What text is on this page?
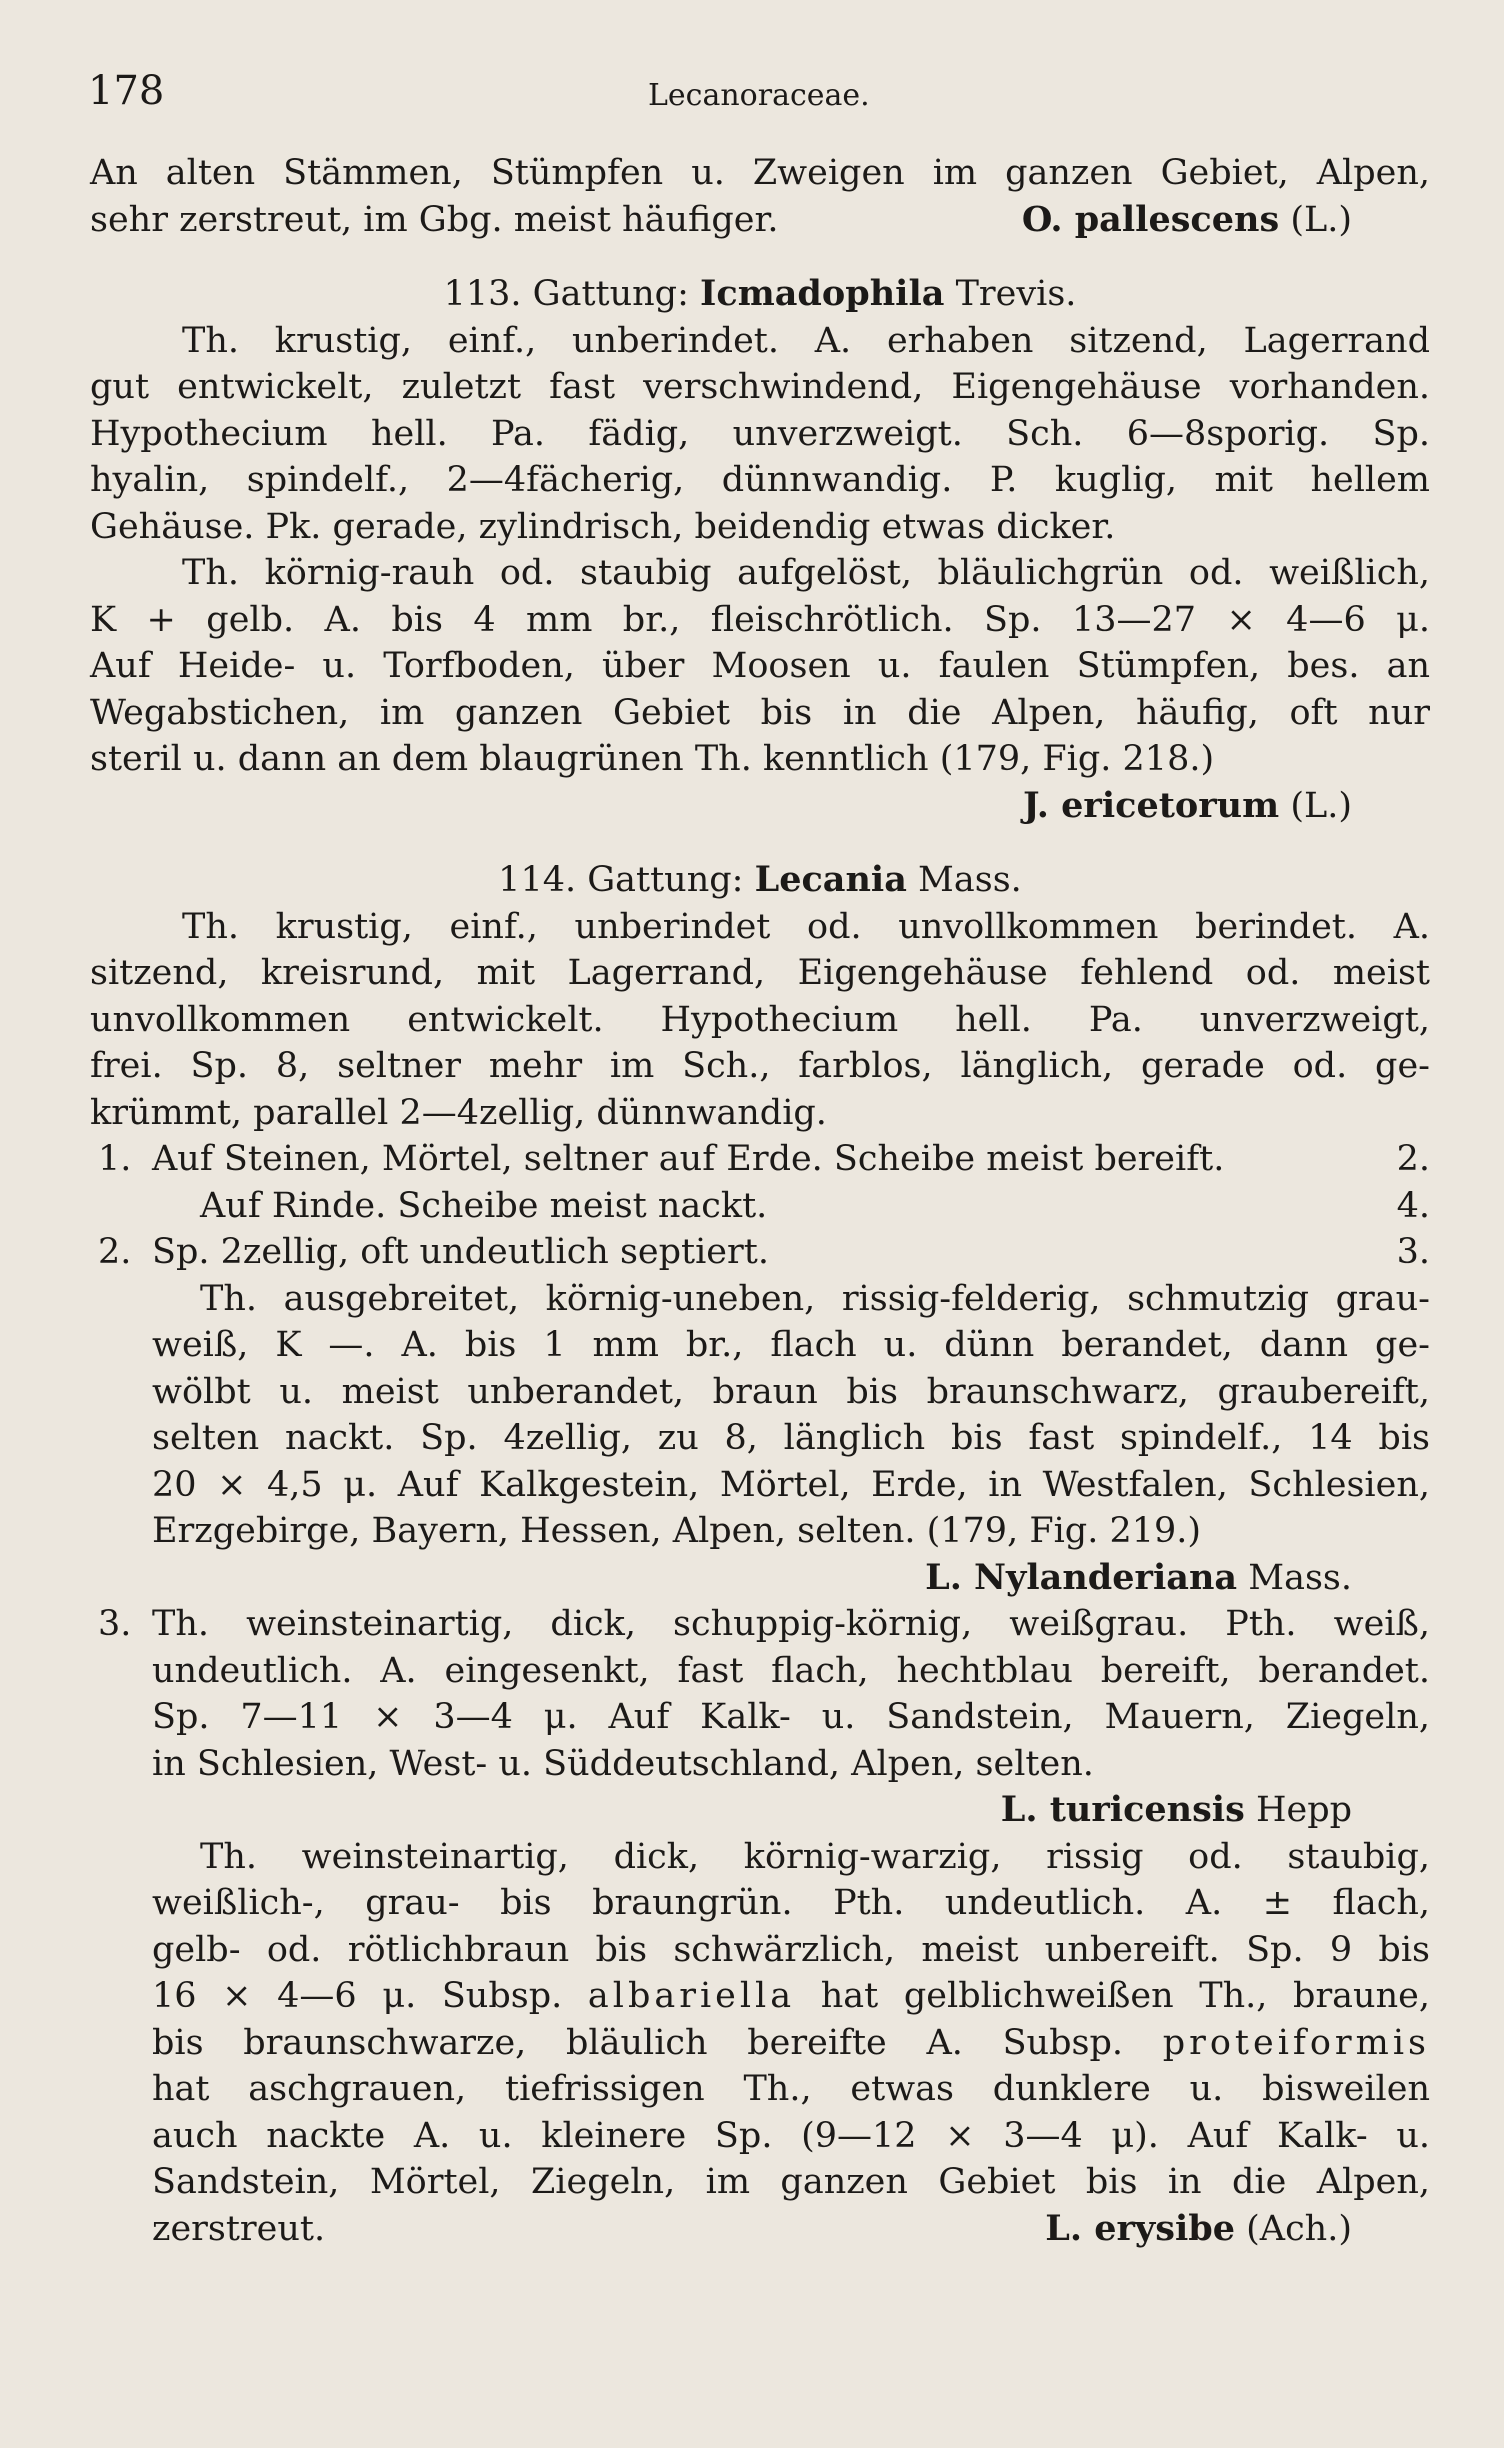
178	Lecanoraceae.
An alten Stämmen, Stümpfen u. Zweigen im ganzen Gebiet, Alpen,
sehr zerstreut, im Gbg. meist häufiger.	O. pallescens (L.)
113. Gattung: Icmadophila Trevis.
Th. krustig, einf., unberindet. A. erhaben sitzend, Lagerrand
gut entwickelt, zuletzt fast verschwindend, Eigengehäuse vorhanden.
Hypothecium hell. Pa. fädig, unverzweigt. Sch. 6—8sporig. Sp.
hyalin, spindelf., 2—4fächerig, dünnwandig. P. kuglig, mit hellem
Gehäuse. Pk. gerade, zylindrisch, beidendig etwas dicker.
Th. körnig-rauh od. staubig aufgelöst, bläulichgrün od. weißlich,
K + gelb. A. bis 4 mm br., fleischrötlich. Sp. 13—27 × 4—6 μ.
Auf Heide- u. Torfboden, über Moosen u. faulen Stümpfen, bes. an
Wegabstichen, im ganzen Gebiet bis in die Alpen, häufig, oft nur
steril u. dann an dem blaugrünen Th. kenntlich (179, Fig. 218.)
J. ericetorum (L.)
114. Gattung: Lecania Mass.
Th. krustig, einf., unberindet od. unvollkommen berindet. A.
sitzend, kreisrund, mit Lagerrand, Eigengehäuse fehlend od. meist
unvollkommen entwickelt. Hypothecium hell. Pa. unverzweigt,
frei. Sp. 8, seltner mehr im Sch., farblos, länglich, gerade od. ge-
krümmt, parallel 2—4zellig, dünnwandig.
1. Auf Steinen, Mörtel, seltner auf Erde. Scheibe meist bereift.	2.
Auf Rinde. Scheibe meist nackt.	4.
2. Sp. 2zellig, oft undeutlich septiert.	3.
Th. ausgebreitet, körnig-uneben, rissig-felderig, schmutzig grau-
weiß, K —. A. bis 1 mm br., flach u. dünn berandet, dann ge-
wölbt u. meist unberandet, braun bis braunschwarz, graubereift,
selten nackt. Sp. 4zellig, zu 8, länglich bis fast spindelf., 14 bis
20 × 4,5 μ. Auf Kalkgestein, Mörtel, Erde, in Westfalen, Schlesien,
Erzgebirge, Bayern, Hessen, Alpen, selten. (179, Fig. 219.)
L. Nylanderiana Mass.
3. Th. weinsteinartig, dick, schuppig-körnig, weißgrau. Pth. weiß,
undeutlich. A. eingesenkt, fast flach, hechtblau bereift, berandet.
Sp. 7—11 × 3—4 μ. Auf Kalk- u. Sandstein, Mauern, Ziegeln,
in Schlesien, West- u. Süddeutschland, Alpen, selten.
L. turicensis Hepp
Th. weinsteinartig, dick, körnig-warzig, rissig od. staubig,
weißlich-, grau- bis braungrün. Pth. undeutlich. A. ± flach,
gelb- od. rötlichbraun bis schwärzlich, meist unbereift. Sp. 9 bis
16 × 4—6 μ. Subsp. albariella hat gelblichweißen Th., braune,
bis braunschwarze, bläulich bereifte A. Subsp. proteiformis
hat aschgrauen, tiefrissigen Th., etwas dunklere u. bisweilen
auch nackte A. u. kleinere Sp. (9—12 × 3—4 μ). Auf Kalk- u.
Sandstein, Mörtel, Ziegeln, im ganzen Gebiet bis in die Alpen,
zerstreut.	L. erysibe (Ach.)
